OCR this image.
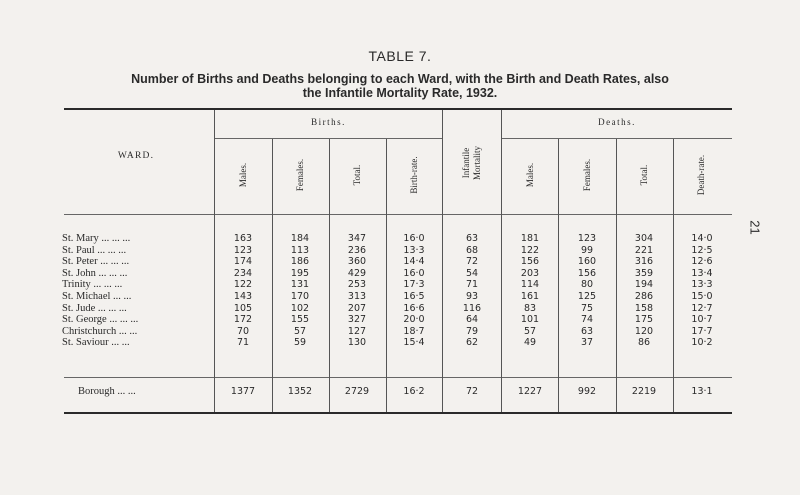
TABLE 7.
Number of Births and Deaths belonging to each Ward, with the Birth and Death Rates, also
the Infantile Mortality Rate, 1932.
21
WARD.
Births.	Deaths.
Males.	Females.	Total.	Birth-rate.	Infantile Mortality	Males.	Females.	Total.	Death-rate.
St. Mary ... ... ...	163	184	347	16·0	63	181	123	304	14·0
St. Paul ... ... ...	123	113	236	13·3	68	122	99	221	12·5
St. Peter ... ... ...	174	186	360	14·4	72	156	160	316	12·6
St. John ... ... ...	234	195	429	16·0	54	203	156	359	13·4
Trinity ... ... ...	122	131	253	17·3	71	114	80	194	13·3
St. Michael ... ...	143	170	313	16·5	93	161	125	286	15·0
St. Jude ... ... ...	105	102	207	16·6	116	83	75	158	12·7
St. George ... ... ...	172	155	327	20·0	64	101	74	175	10·7
Christchurch ... ...	70	57	127	18·7	79	57	63	120	17·7
St. Saviour ... ...	71	59	130	15·4	62	49	37	86	10·2
Borough ... ...	1377	1352	2729	16·2	72	1227	992	2219	13·1
